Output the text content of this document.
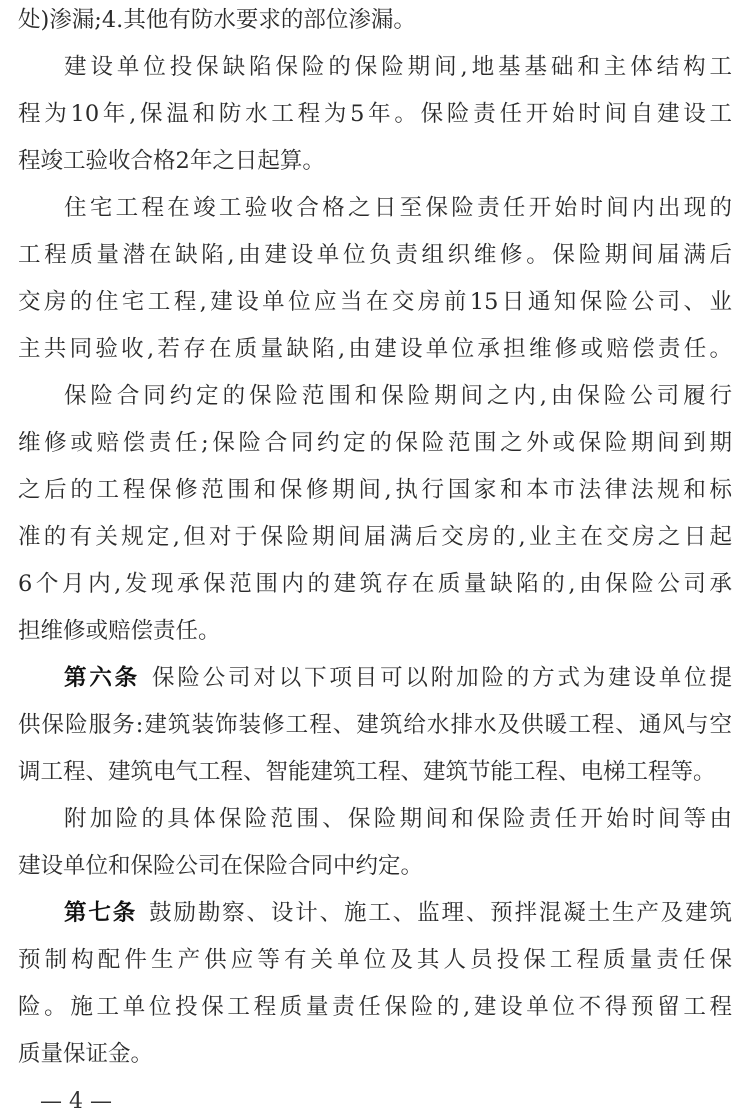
处)渗漏;4.其他有防水要求的部位渗漏。
建设单位投保缺陷保险的保险期间,地基基础和主体结构工
程为10年,保温和防水工程为5年。保险责任开始时间自建设工
程竣工验收合格2年之日起算。
住宅工程在竣工验收合格之日至保险责任开始时间内出现的
工程质量潜在缺陷,由建设单位负责组织维修。保险期间届满后
交房的住宅工程,建设单位应当在交房前15日通知保险公司、业
主共同验收,若存在质量缺陷,由建设单位承担维修或赔偿责任。
保险合同约定的保险范围和保险期间之内,由保险公司履行
维修或赔偿责任;保险合同约定的保险范围之外或保险期间到期
之后的工程保修范围和保修期间,执行国家和本市法律法规和标
准的有关规定,但对于保险期间届满后交房的,业主在交房之日起
6个月内,发现承保范围内的建筑存在质量缺陷的,由保险公司承
担维修或赔偿责任。
第六条 保险公司对以下项目可以附加险的方式为建设单位提
供保险服务:建筑装饰装修工程、建筑给水排水及供暖工程、通风与空
调工程、建筑电气工程、智能建筑工程、建筑节能工程、电梯工程等。
附加险的具体保险范围、保险期间和保险责任开始时间等由
建设单位和保险公司在保险合同中约定。
第七条 鼓励勘察、设计、施工、监理、预拌混凝土生产及建筑
预制构配件生产供应等有关单位及其人员投保工程质量责任保
险。施工单位投保工程质量责任保险的,建设单位不得预留工程
质量保证金。
— 4 —
